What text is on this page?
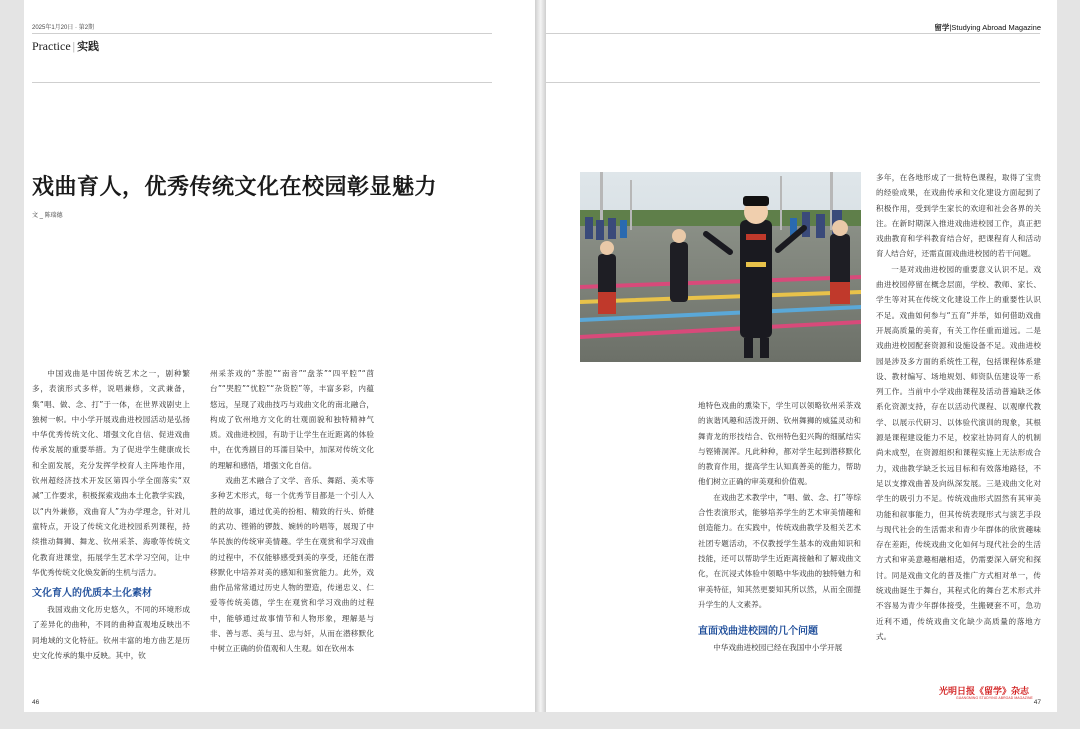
2025年1月20日 · 第2期
Practice | 实践
戏曲育人，优秀传统文化在校园彰显魅力
文 _ 陈瑞德

中国戏曲是中国传统艺术之一，剧种繁多，表演形式多样，说唱兼修，文武兼备，集“唱、做、念、打”于一体，在世界戏剧史上独树一帜。中小学开展戏曲进校园活动是弘扬中华优秀传统文化、增强文化自信、促进戏曲传承发展的重要举措。为了促进学生健康成长和全面发展，充分发挥学校育人主阵地作用，钦州超经济技术开发区第四小学全面落实“双减”工作要求，积极探索戏曲本土化教学实践，以“内外兼修，戏曲育人”为办学理念，针对儿童特点，开设了传统文化进校园系列课程，持续推动舞狮、舞龙、钦州采茶、海歌等传统文化教育进课堂，拓展学生艺术学习空间，让中华优秀传统文化焕发新的生机与活力。

文化育人的优质本土化素材

我国戏曲文化历史悠久，不同的环境形成了差异化的曲种，不同的曲种直观地反映出不同地域的文化特征。钦州丰富的地方曲艺是历史文化传承的集中反映。其中，钦

州采茶戏的“茶腔”“南音”“盘茶”“四平腔”“茴台”“哭腔”“忧腔”“杂货腔”等，丰富多彩，内蕴悠远，呈现了戏曲技巧与戏曲文化的南北融合，构成了钦州地方文化的壮观面貌和独特精神气质。戏曲进校园，有助于让学生在近距离的体验中，在优秀剧目的耳濡目染中，加深对传统文化的理解和感悟，增强文化自信。

戏曲艺术融合了文学、音乐、舞蹈、美术等多种艺术形式，每一个优秀节目都是一个引人入胜的故事，通过优美的扮相、精致的行头、娇健的武功、铿锵的锣鼓、婉转的吟唱等，展现了中华民族的传统审美情趣。学生在观赏和学习戏曲的过程中，不仅能够感受到美的享受，还能在潜移默化中培养对美的感知和鉴赏能力。此外，戏曲作品常常通过历史人物的塑造，传递忠义、仁爱等传统美德，学生在观赏和学习戏曲的过程中，能够通过故事情节和人物形象，理解是与非、善与恶、美与丑、忠与奸，从而在潜移默化中树立正确的价值观和人生观。如在钦州本

46
留学|Studying Abroad Magazine

地特色戏曲的熏染下，学生可以领略钦州采茶戏的诙谐风趣和活泼开朗、钦州舞狮的威猛灵动和舞青龙的形技结合、钦州特色犯兴陶的细腻结实与铿锵洞浑。凡此种种，都对学生起到潜移默化的教育作用，提高学生认知真善美的能力，帮助他们树立正确的审美观和价值观。

在戏曲艺术教学中，“唱、做、念、打”等综合性表演形式，能够培养学生的艺术审美情趣和创造能力。在实践中，传统戏曲教学及相关艺术社团专题活动，不仅教授学生基本的戏曲知识和技能，还可以帮助学生近距离接触和了解戏曲文化，在沉浸式体验中领略中华戏曲的独特魅力和审美特征，知其然更要知其所以然，从而全面提升学生的人文素养。

直面戏曲进校园的几个问题

中华戏曲进校园已经在我国中小学开展

多年，在各地形成了一批特色课程，取得了宝贵的经验成果，在戏曲传承和文化建设方面起到了积极作用，受到学生家长的欢迎和社会各界的关注。在新时期深入推进戏曲进校园工作，真正把戏曲教育和学科教育结合好，把课程育人和活动育人结合好，还需直面戏曲进校园的若干问题。

一是对戏曲进校园的重要意义认识不足。戏曲进校园停留在概念层面，学校、教师、家长、学生等对其在传统文化建设工作上的重要性认识不足。戏曲如何参与“五育”并举，如何借助戏曲开展高质量的美育，有关工作任重而道远。二是戏曲进校园配套资源和设施设备不足。戏曲进校园是涉及多方面的系统性工程，包括课程体系建设、教材编写、场地规划、师资队伍建设等一系列工作。当前中小学戏曲课程及活动普遍缺乏体系化资源支持，存在以活动代课程、以观摩代教学、以展示代研习、以体验代演训的现象，其根源是课程建设能力不足，校家社协同育人的机制尚未成型，在资源组织和课程实施上无法形成合力，戏曲教学缺乏长远目标和有效落地路径，不足以支撑戏曲普及向纵深发展。三是戏曲文化对学生的吸引力不足。传统戏曲形式固然有其审美功能和叙事能力，但其传统表现形式与演艺手段与现代社会的生活需求和青少年群体的欣赏趣味存在差距，传统戏曲文化如何与现代社会的生活方式和审美意趣相融相适，仍需要深入研究和探讨。同是戏曲文化的普及推广方式相对单一，传统戏曲诞生于舞台，其程式化的舞台艺术形式并不容易为青少年群体接受，生搬硬套不可，急功近利不通，传统戏曲文化缺少高质量的落地方式。

光明日报《留学》杂志
GUANGMING STUDYING ABROAD MAGAZINE
47
